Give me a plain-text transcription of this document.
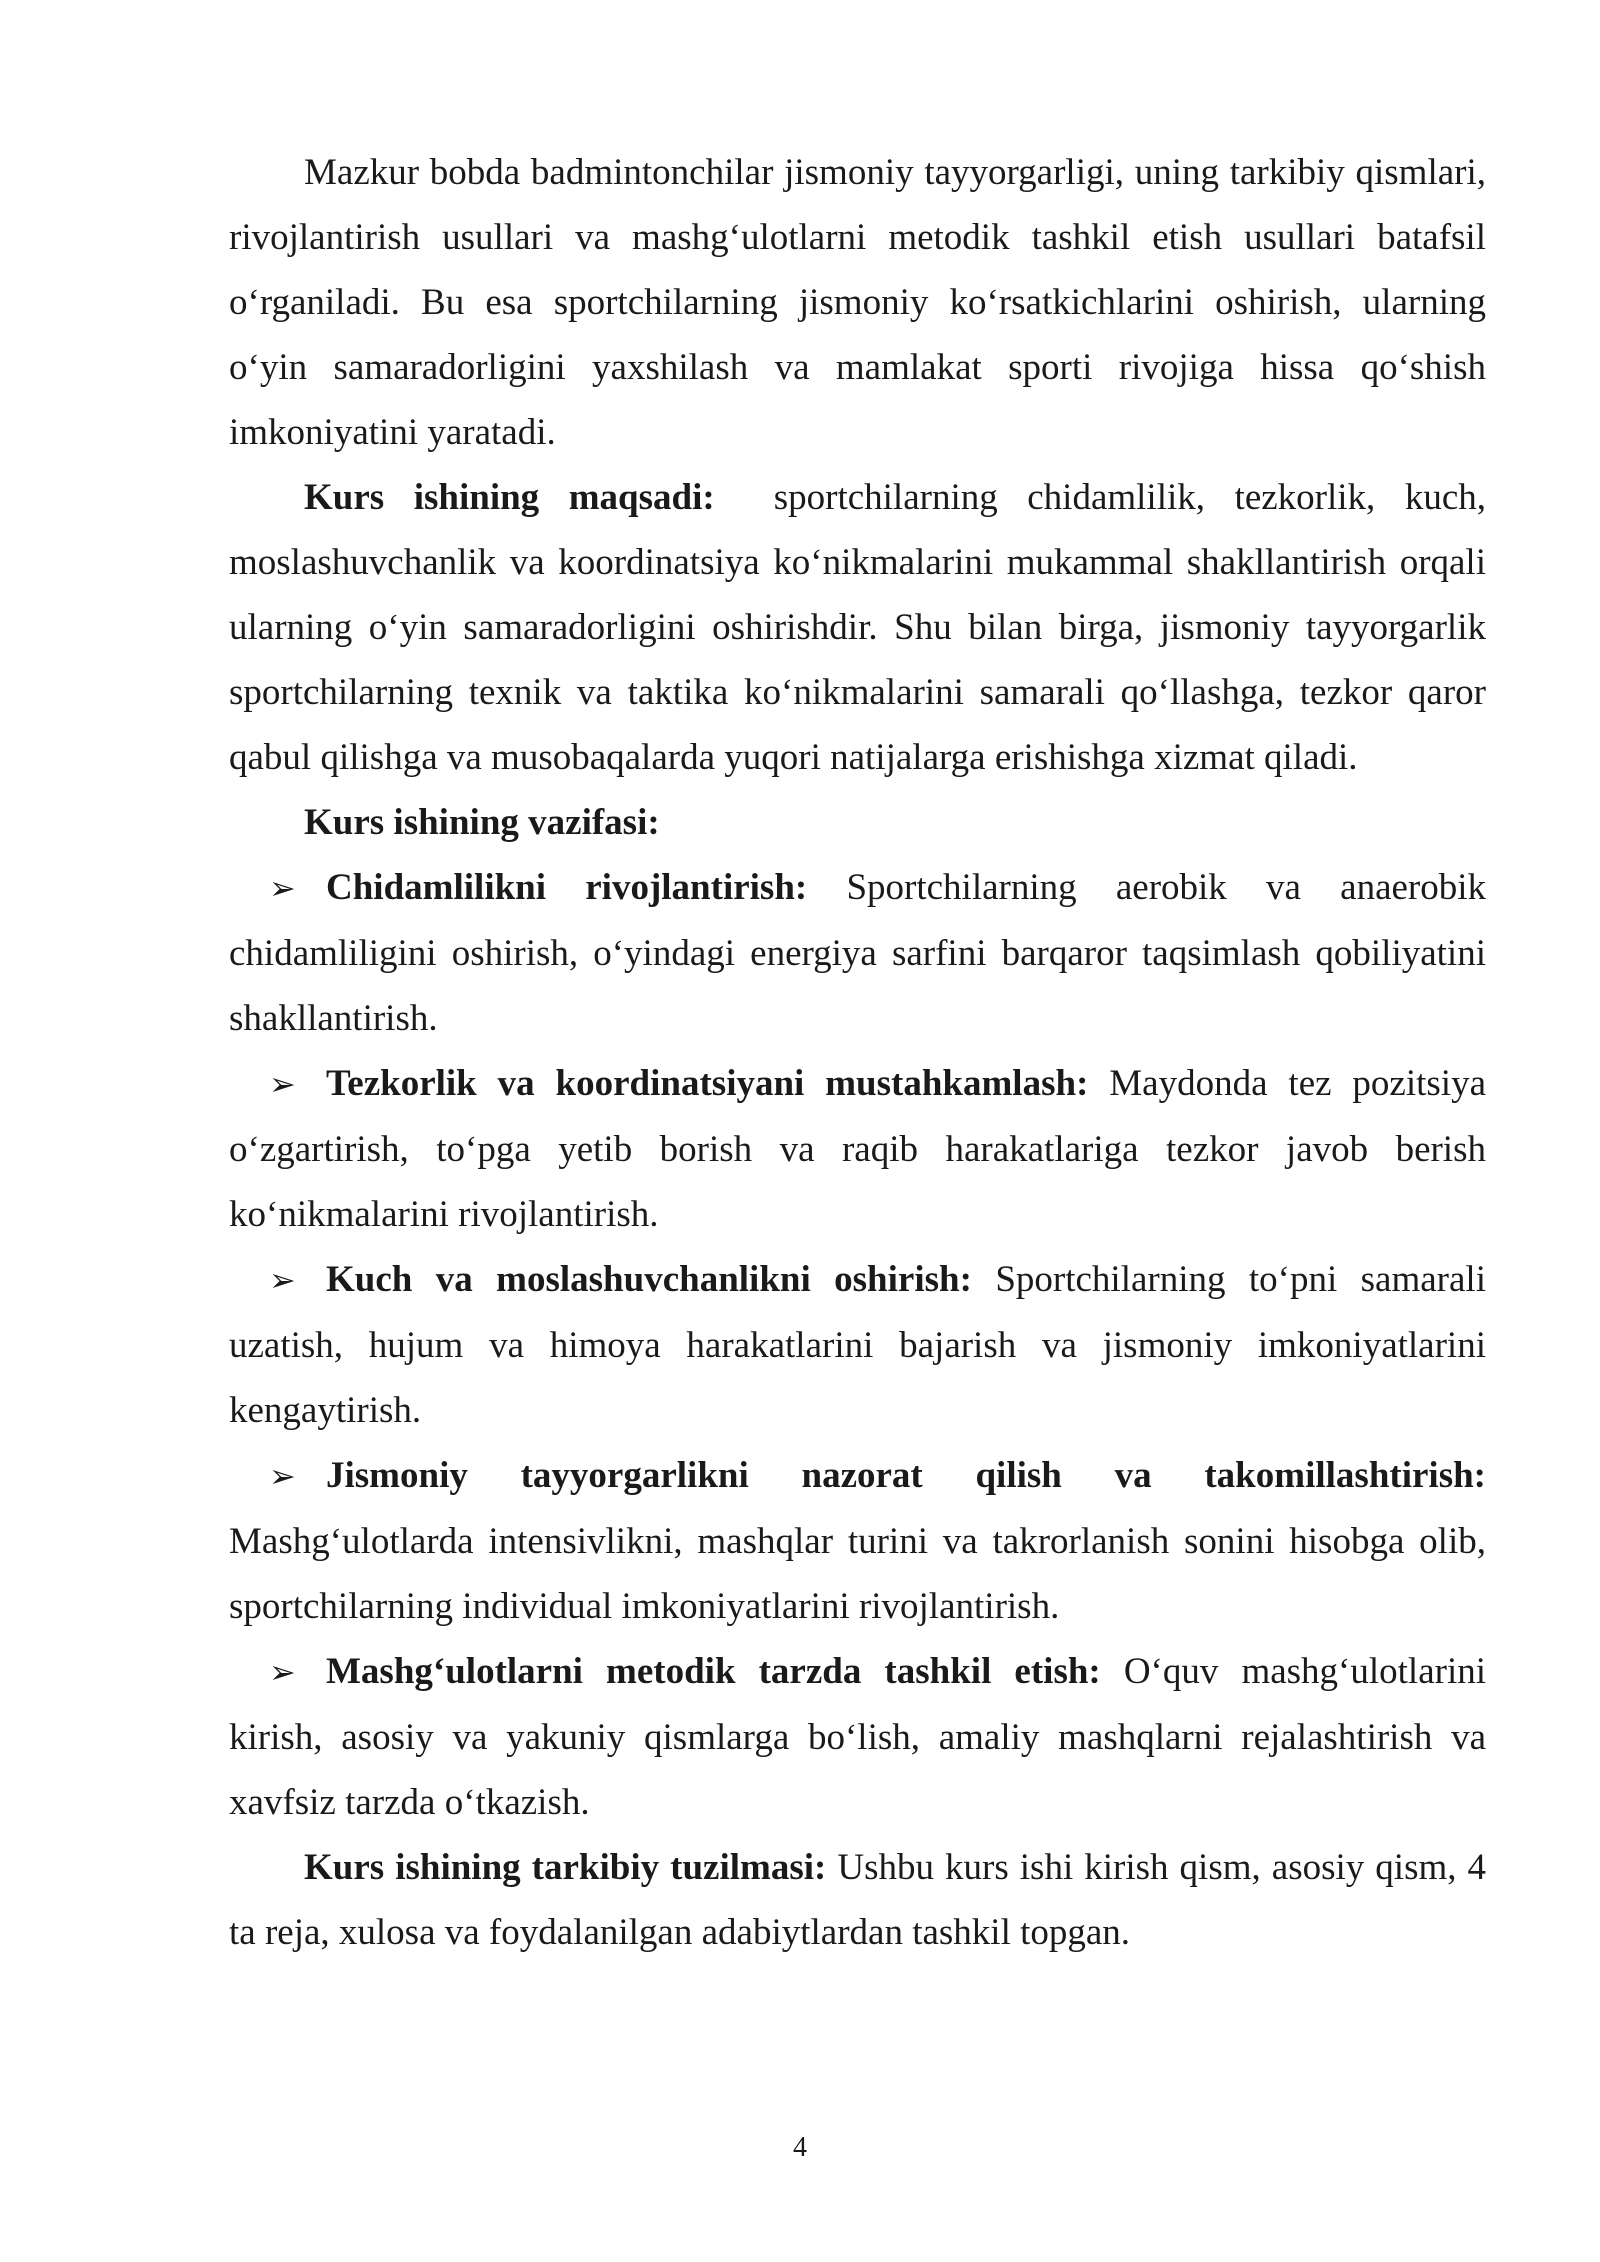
Mazkur bobda badmintonchilar jismoniy tayyorgarligi, uning tarkibiy qismlari, rivojlantirish usullari va mashg‘ulotlarni metodik tashkil etish usullari batafsil o‘rganiladi. Bu esa sportchilarning jismoniy ko‘rsatkichlarini oshirish, ularning o‘yin samaradorligini yaxshilash va mamlakat sporti rivojiga hissa qo‘shish imkoniyatini yaratadi.

Kurs ishining maqsadi: sportchilarning chidamlilik, tezkorlik, kuch, moslashuvchanlik va koordinatsiya ko‘nikmalarini mukammal shakllantirish orqali ularning o‘yin samaradorligini oshirishdir. Shu bilan birga, jismoniy tayyorgarlik sportchilarning texnik va taktika ko‘nikmalarini samarali qo‘llashga, tezkor qaror qabul qilishga va musobaqalarda yuqori natijalarga erishishga xizmat qiladi.

Kurs ishining vazifasi:

➢ Chidamlilikni rivojlantirish: Sportchilarning aerobik va anaerobik chidamliligini oshirish, o‘yindagi energiya sarfini barqaror taqsimlash qobiliyatini shakllantirish.

➢ Tezkorlik va koordinatsiyani mustahkamlash: Maydonda tez pozitsiya o‘zgartirish, to‘pga yetib borish va raqib harakatlariga tezkor javob berish ko‘nikmalarini rivojlantirish.

➢ Kuch va moslashuvchanlikni oshirish: Sportchilarning to‘pni samarali uzatish, hujum va himoya harakatlarini bajarish va jismoniy imkoniyatlarini kengaytirish.

➢ Jismoniy tayyorgarlikni nazorat qilish va takomillashtirish: Mashg‘ulotlarda intensivlikni, mashqlar turini va takrorlanish sonini hisobga olib, sportchilarning individual imkoniyatlarini rivojlantirish.

➢ Mashg‘ulotlarni metodik tarzda tashkil etish: O‘quv mashg‘ulotlarini kirish, asosiy va yakuniy qismlarga bo‘lish, amaliy mashqlarni rejalashtirish va xavfsiz tarzda o‘tkazish.

Kurs ishining tarkibiy tuzilmasi: Ushbu kurs ishi kirish qism, asosiy qism, 4 ta reja, xulosa va foydalanilgan adabiytlardan tashkil topgan.

4
